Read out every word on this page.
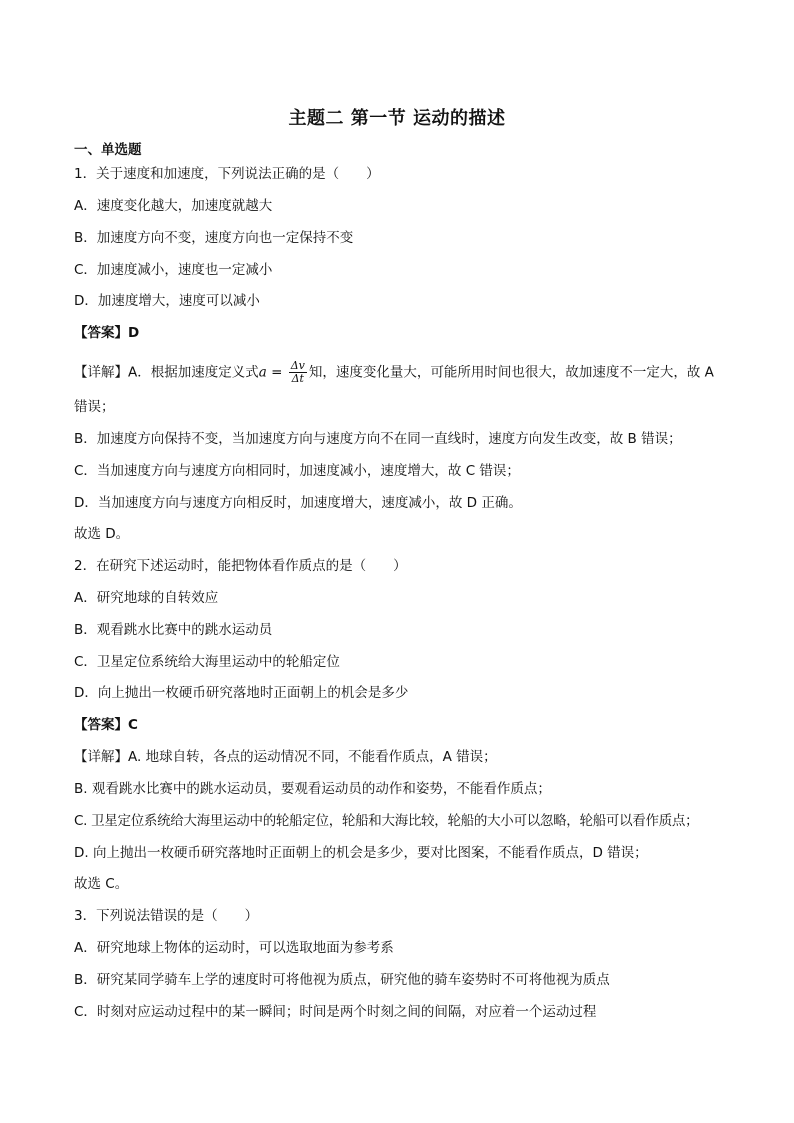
主题二 第一节 运动的描述
一、单选题
1．关于速度和加速度，下列说法正确的是（　　）
A．速度变化越大，加速度就越大
B．加速度方向不变，速度方向也一定保持不变
C．加速度减小，速度也一定减小
D．加速度增大，速度可以减小
【答案】D
【详解】A．根据加速度定义式$a = \frac{\Delta v}{\Delta t}$ 知，速度变化量大，可能所用时间也很大，故加速度不一定大，故 A
错误；
B．加速度方向保持不变，当加速度方向与速度方向不在同一直线时，速度方向发生改变，故 B 错误；
C．当加速度方向与速度方向相同时，加速度减小，速度增大，故 C 错误；
D．当加速度方向与速度方向相反时，加速度增大，速度减小，故 D 正确。
故选 D。
2．在研究下述运动时，能把物体看作质点的是（　　）
A．研究地球的自转效应
B．观看跳水比赛中的跳水运动员
C．卫星定位系统给大海里运动中的轮船定位
D．向上抛出一枚硬币研究落地时正面朝上的机会是多少
【答案】C
【详解】A. 地球自转，各点的运动情况不同，不能看作质点，A 错误；
B. 观看跳水比赛中的跳水运动员，要观看运动员的动作和姿势，不能看作质点；
C. 卫星定位系统给大海里运动中的轮船定位，轮船和大海比较，轮船的大小可以忽略，轮船可以看作质点；
D. 向上抛出一枚硬币研究落地时正面朝上的机会是多少，要对比图案，不能看作质点，D 错误；
故选 C。
3．下列说法错误的是（　　）
A．研究地球上物体的运动时，可以选取地面为参考系
B．研究某同学骑车上学的速度时可将他视为质点，研究他的骑车姿势时不可将他视为质点
C．时刻对应运动过程中的某一瞬间；时间是两个时刻之间的间隔，对应着一个运动过程
